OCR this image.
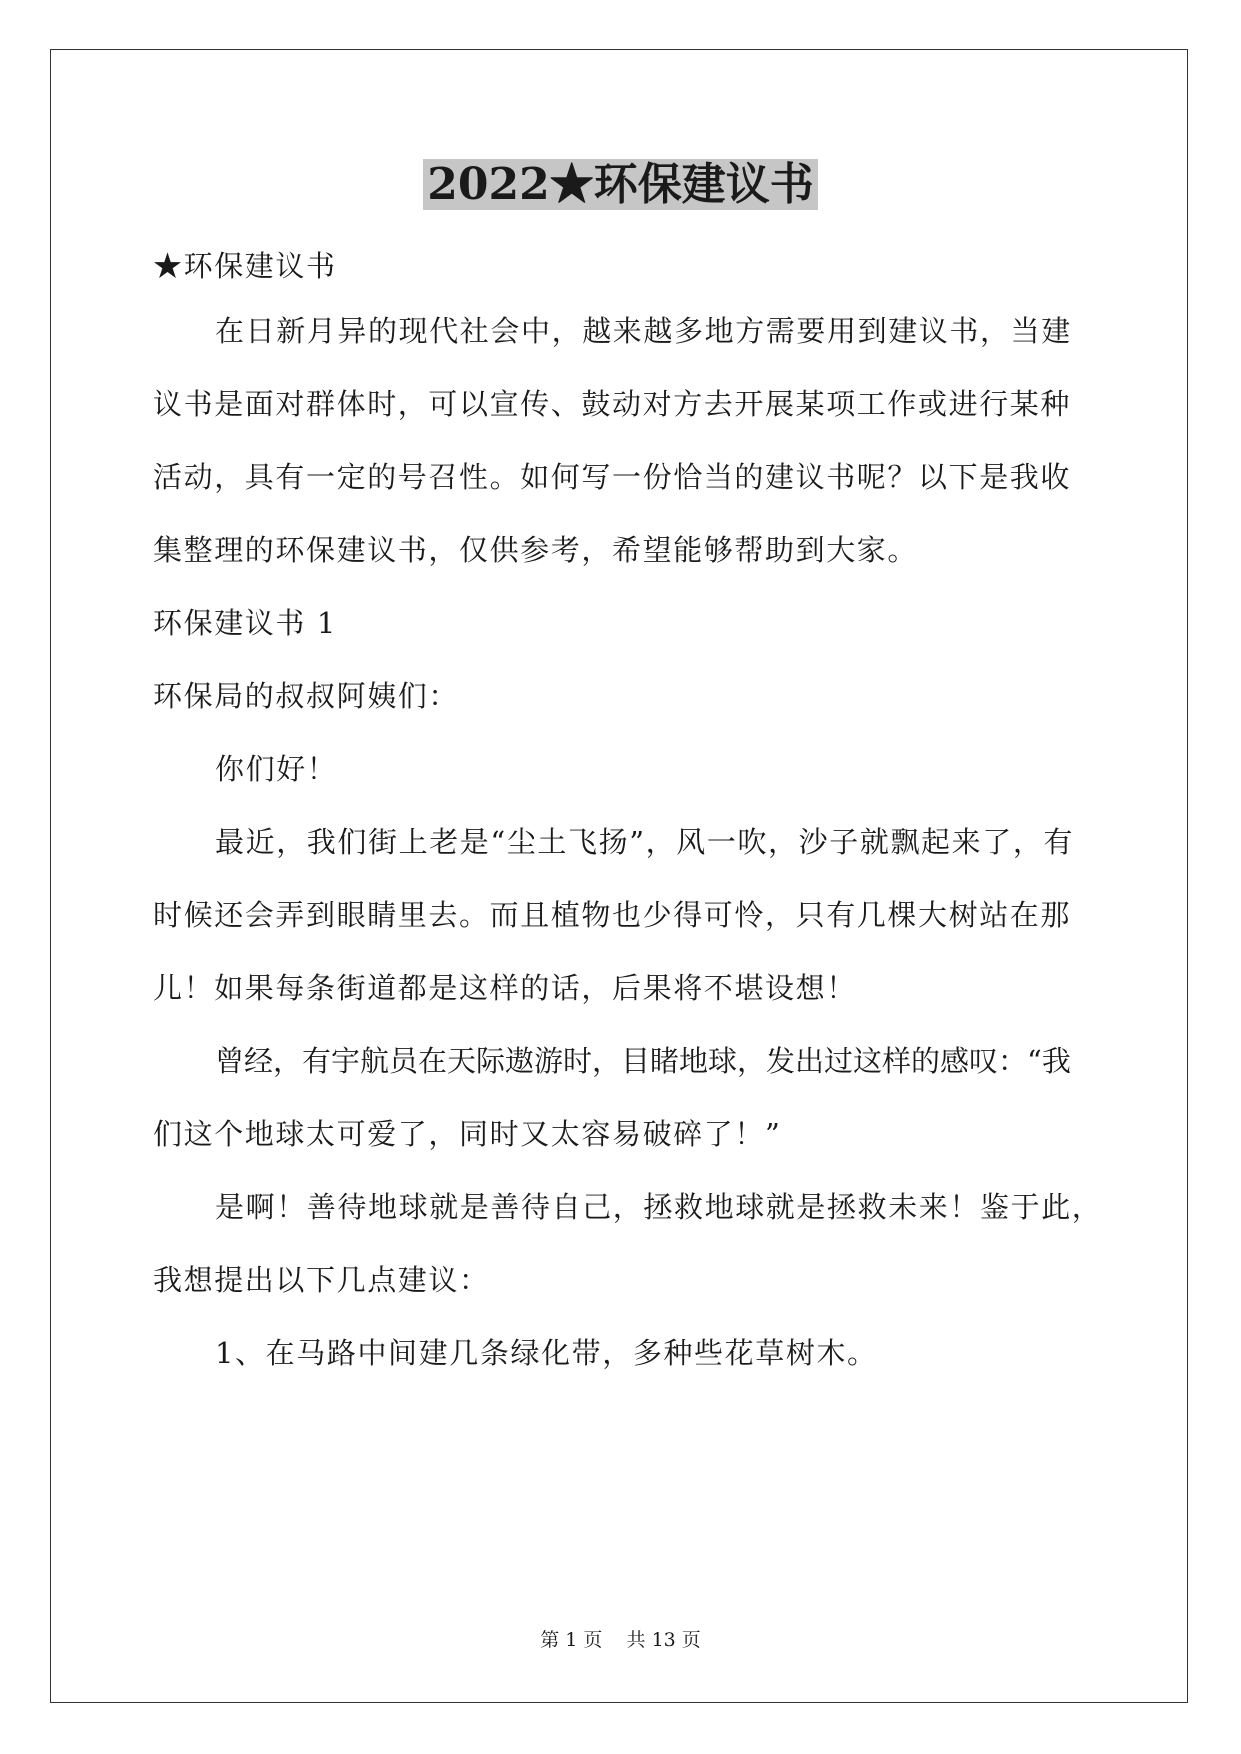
2022★环保建议书

★环保建议书

在日新月异的现代社会中，越来越多地方需要用到建议书，当建

议书是面对群体时，可以宣传、鼓动对方去开展某项工作或进行某种

活动，具有一定的号召性。如何写一份恰当的建议书呢？以下是我收

集整理的环保建议书，仅供参考，希望能够帮助到大家。

环保建议书 1

环保局的叔叔阿姨们：

你们好！

最近，我们街上老是“尘土飞扬”，风一吹，沙子就飘起来了，有

时候还会弄到眼睛里去。而且植物也少得可怜，只有几棵大树站在那

儿！如果每条街道都是这样的话，后果将不堪设想！

曾经，有宇航员在天际遨游时，目睹地球，发出过这样的感叹：“我

们这个地球太可爱了，同时又太容易破碎了！”

是啊！善待地球就是善待自己，拯救地球就是拯救未来！鉴于此，

我想提出以下几点建议：

1、在马路中间建几条绿化带，多种些花草树木。

第 1 页    共 13 页
